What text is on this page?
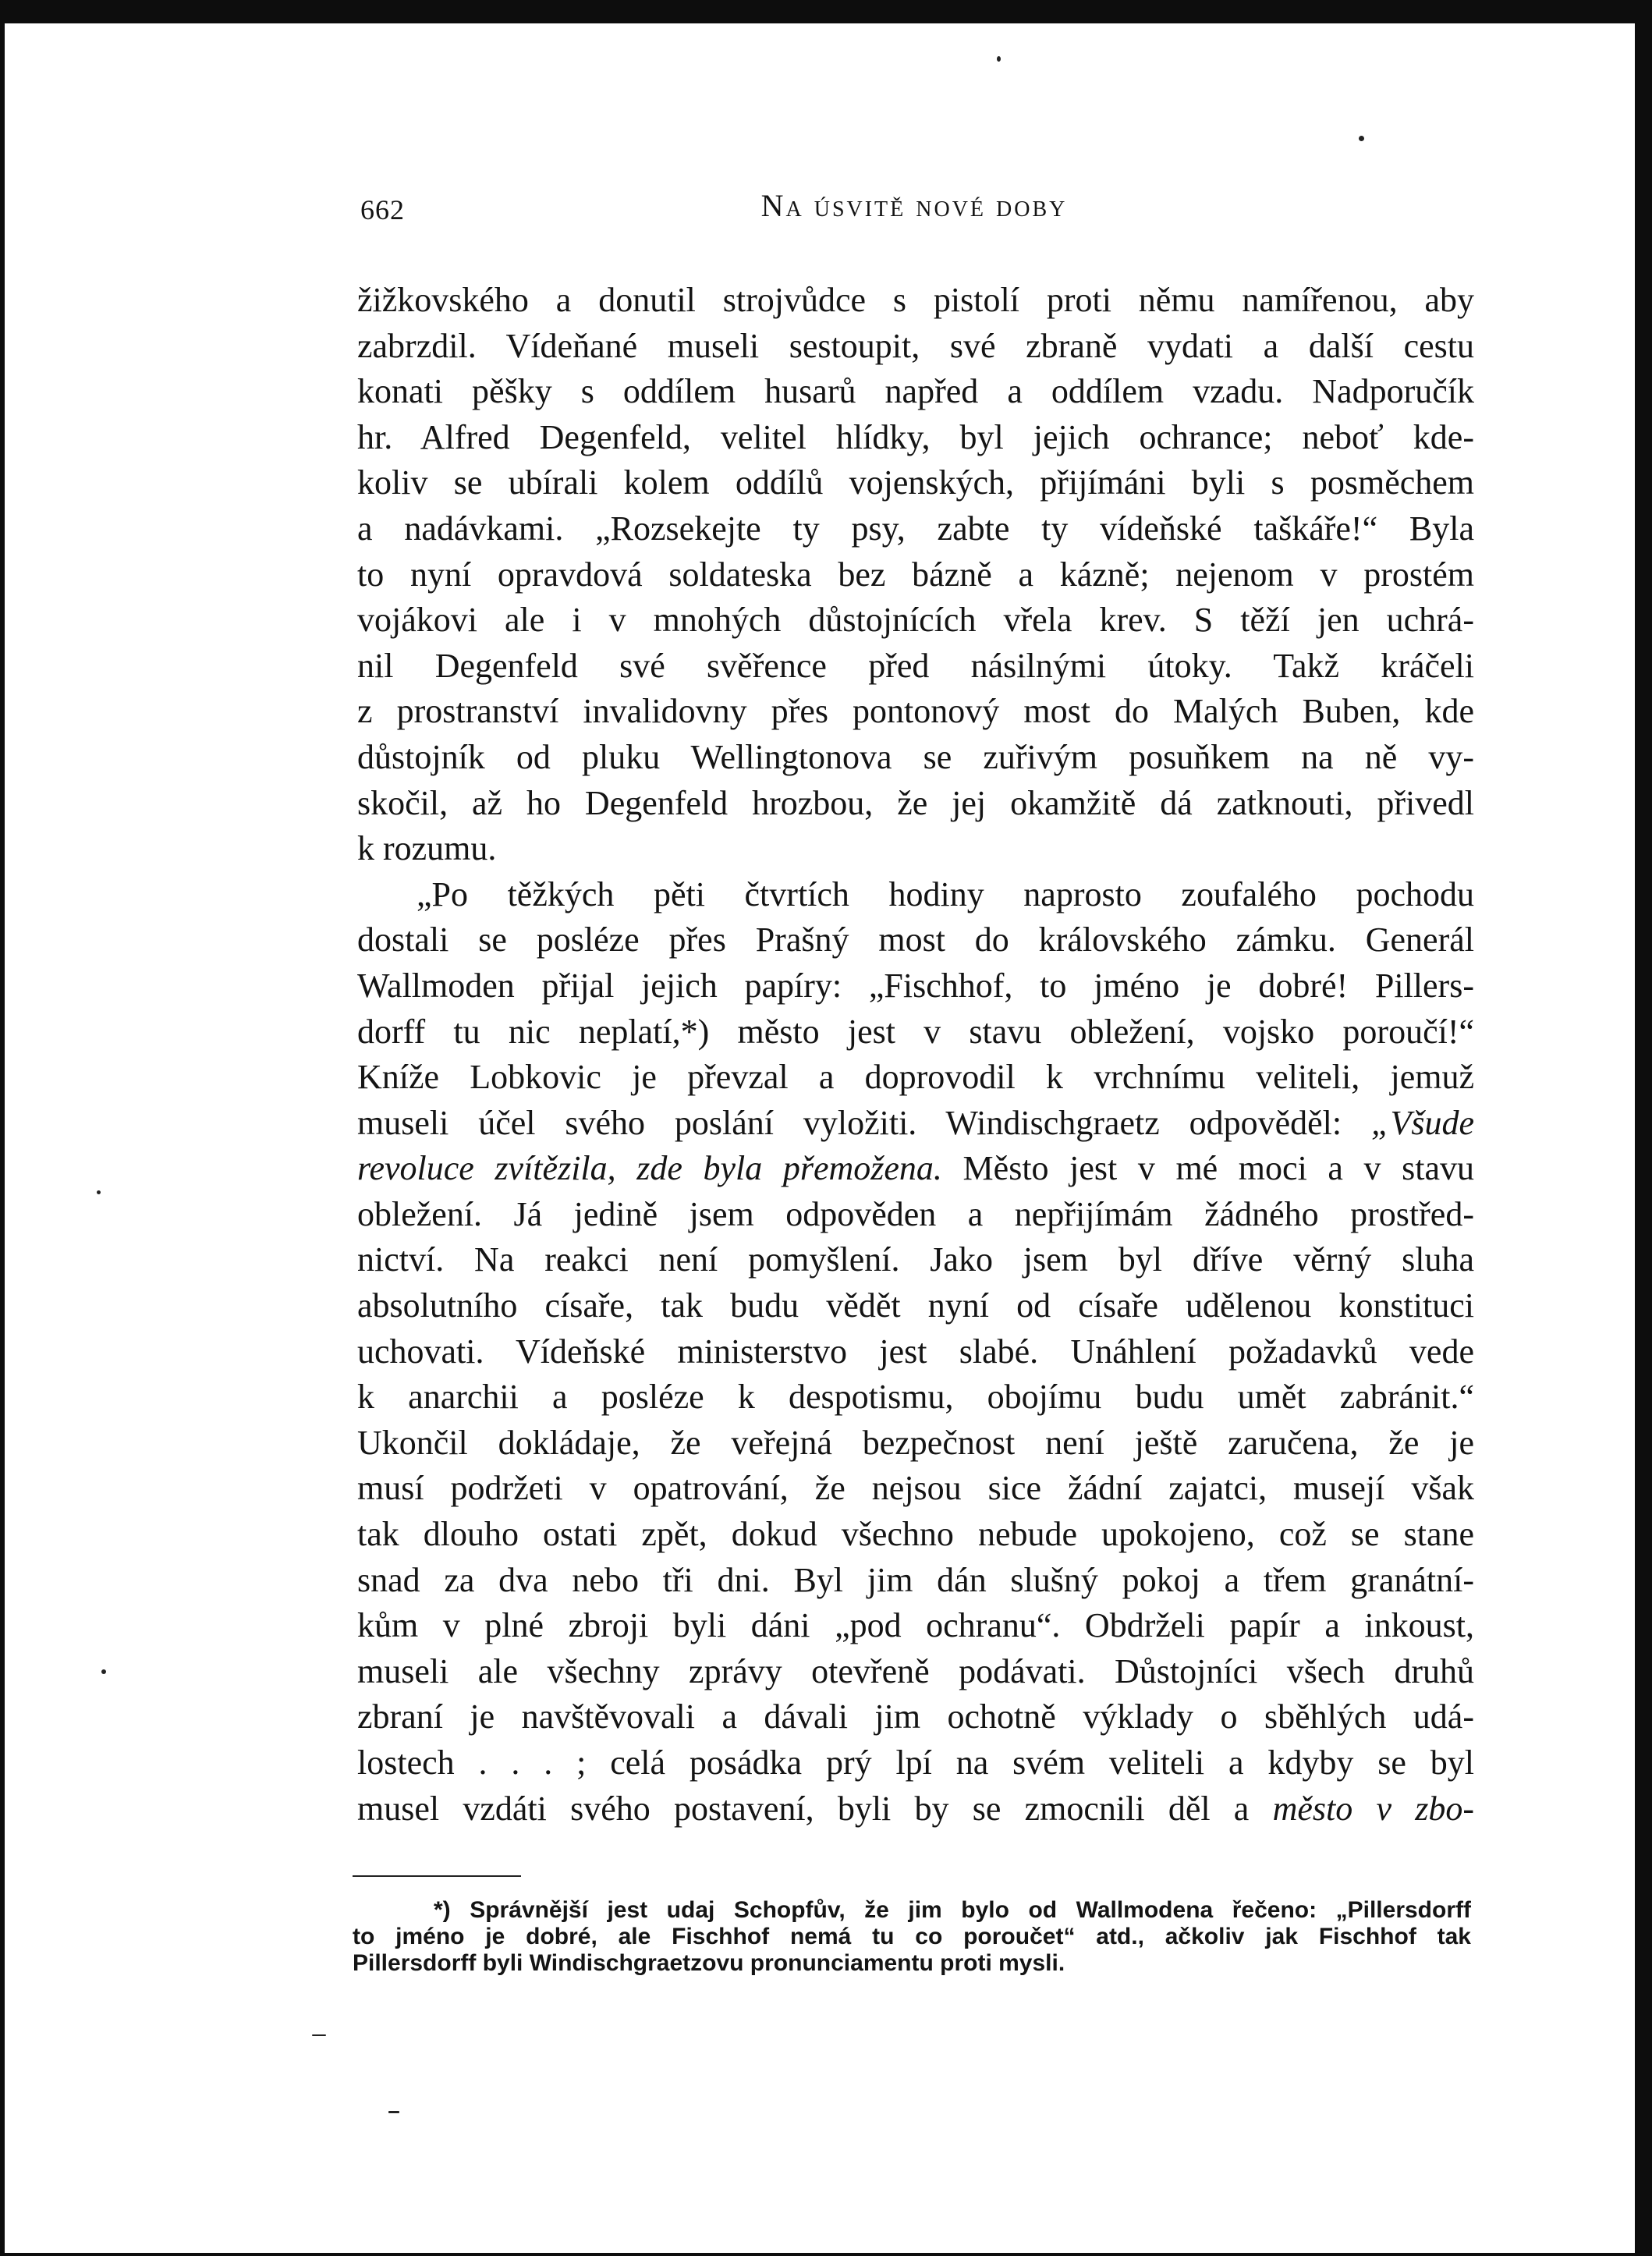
662	Na úsvitě nové doby
žižkovského a donutil strojvůdce s pistolí proti němu namířenou, aby
zabrzdil. Vídeňané museli sestoupit, své zbraně vydati a další cestu
konati pěšky s oddílem husarů napřed a oddílem vzadu. Nadporučík
hr. Alfred Degenfeld, velitel hlídky, byl jejich ochrance; neboť kde-
koliv se ubírali kolem oddílů vojenských, přijímáni byli s posměchem
a nadávkami. „Rozsekejte ty psy, zabte ty vídeňské taškáře!“ Byla
to nyní opravdová soldateska bez bázně a kázně; nejenom v prostém
vojákovi ale i v mnohých důstojnících vřela krev. S těží jen uchrá-
nil Degenfeld své svěřence před násilnými útoky. Takž kráčeli
z prostranství invalidovny přes pontonový most do Malých Buben, kde
důstojník od pluku Wellingtonova se zuřivým posuňkem na ně vy-
skočil, až ho Degenfeld hrozbou, že jej okamžitě dá zatknouti, přivedl
k rozumu.
„Po těžkých pěti čtvrtích hodiny naprosto zoufalého pochodu
dostali se posléze přes Prašný most do královského zámku. Generál
Wallmoden přijal jejich papíry: „Fischhof, to jméno je dobré! Pillers-
dorff tu nic neplatí,*) město jest v stavu obležení, vojsko poroučí!“
Kníže Lobkovic je převzal a doprovodil k vrchnímu veliteli, jemuž
museli účel svého poslání vyložiti. Windischgraetz odpověděl: „Všude
revoluce zvítězila, zde byla přemožena. Město jest v mé moci a v stavu
obležení. Já jedině jsem odpověden a nepřijímám žádného prostřed-
nictví. Na reakci není pomyšlení. Jako jsem byl dříve věrný sluha
absolutního císaře, tak budu vědět nyní od císaře udělenou konstituci
uchovati. Vídeňské ministerstvo jest slabé. Unáhlení požadavků vede
k anarchii a posléze k despotismu, obojímu budu umět zabránit.“
Ukončil dokládaje, že veřejná bezpečnost není ještě zaručena, že je
musí podržeti v opatrování, že nejsou sice žádní zajatci, musejí však
tak dlouho ostati zpět, dokud všechno nebude upokojeno, což se stane
snad za dva nebo tři dni. Byl jim dán slušný pokoj a třem granátní-
kům v plné zbroji byli dáni „pod ochranu“. Obdrželi papír a inkoust,
museli ale všechny zprávy otevřeně podávati. Důstojníci všech druhů
zbraní je navštěvovali a dávali jim ochotně výklady o sběhlých udá-
lostech . . . ; celá posádka prý lpí na svém veliteli a kdyby se byl
musel vzdáti svého postavení, byli by se zmocnili děl a město v zbo-
*) Správnější jest udaj Schopfův, že jim bylo od Wallmodena řečeno: „Pillersdorff
to jméno je dobré, ale Fischhof nemá tu co poroučet“ atd., ačkoliv jak Fischhof tak
Pillersdorff byli Windischgraetzovu pronunciamentu proti mysli.
